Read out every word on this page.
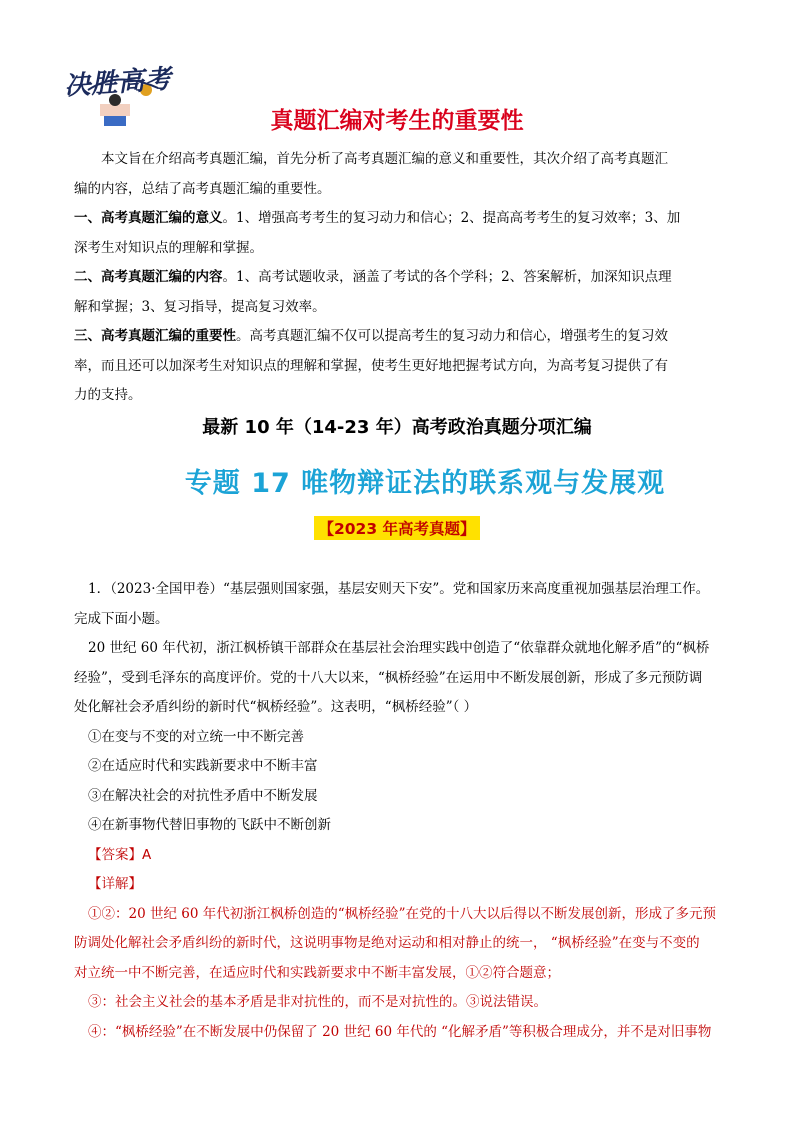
决胜高考
真题汇编对考生的重要性
本文旨在介绍高考真题汇编，首先分析了高考真题汇编的意义和重要性，其次介绍了高考真题汇
编的内容，总结了高考真题汇编的重要性。
一、高考真题汇编的意义。1、增强高考考生的复习动力和信心；2、提高高考考生的复习效率；3、加
深考生对知识点的理解和掌握。
二、高考真题汇编的内容。1、高考试题收录，涵盖了考试的各个学科；2、答案解析，加深知识点理
解和掌握；3、复习指导，提高复习效率。
三、高考真题汇编的重要性。高考真题汇编不仅可以提高考生的复习动力和信心，增强考生的复习效
率，而且还可以加深考生对知识点的理解和掌握，使考生更好地把握考试方向，为高考复习提供了有
力的支持。
最新 10 年（14-23 年）高考政治真题分项汇编
专题 17 唯物辩证法的联系观与发展观
【2023 年高考真题】
1．（2023·全国甲卷）“基层强则国家强，基层安则天下安”。党和国家历来高度重视加强基层治理工作。
完成下面小题。
20 世纪 60 年代初，浙江枫桥镇干部群众在基层社会治理实践中创造了“依靠群众就地化解矛盾”的“枫桥
经验”，受到毛泽东的高度评价。党的十八大以来，“枫桥经验”在运用中不断发展创新，形成了多元预防调
处化解社会矛盾纠纷的新时代“枫桥经验”。这表明，“枫桥经验”（ ）
①在变与不变的对立统一中不断完善
②在适应时代和实践新要求中不断丰富
③在解决社会的对抗性矛盾中不断发展
④在新事物代替旧事物的飞跃中不断创新
【答案】A
【详解】
①②：20 世纪 60 年代初浙江枫桥创造的“枫桥经验”在党的十八大以后得以不断发展创新，形成了多元预
防调处化解社会矛盾纠纷的新时代，这说明事物是绝对运动和相对静止的统一， “枫桥经验”在变与不变的
对立统一中不断完善，在适应时代和实践新要求中不断丰富发展，①②符合题意；
③：社会主义社会的基本矛盾是非对抗性的，而不是对抗性的。③说法错误。
④：“枫桥经验”在不断发展中仍保留了 20 世纪 60 年代的 “化解矛盾”等积极合理成分，并不是对旧事物
